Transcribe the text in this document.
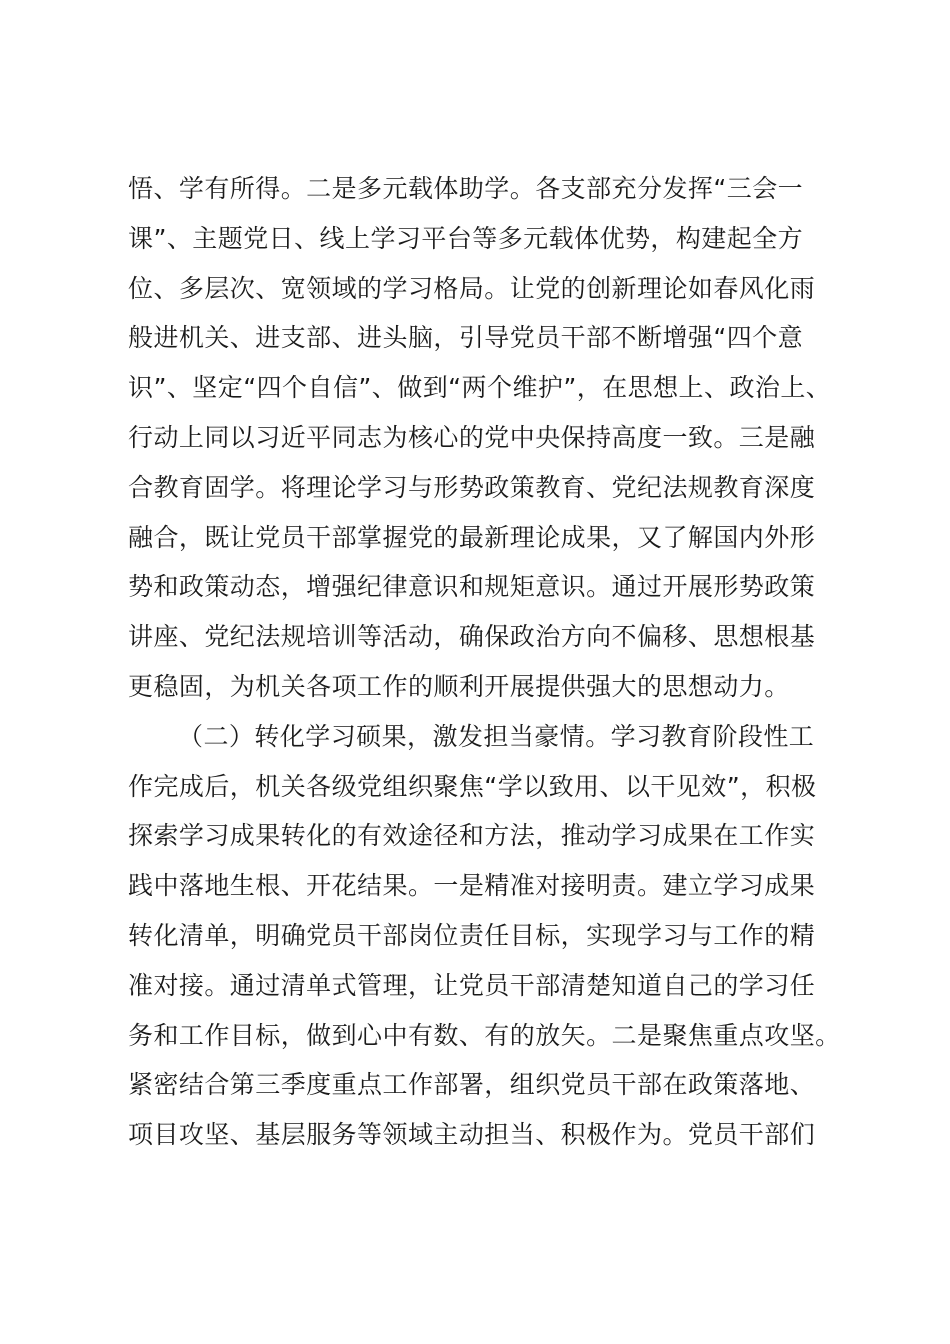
悟、学有所得。二是多元载体助学。各支部充分发挥“三会一
课”、主题党日、线上学习平台等多元载体优势，构建起全方
位、多层次、宽领域的学习格局。让党的创新理论如春风化雨
般进机关、进支部、进头脑，引导党员干部不断增强“四个意
识”、坚定“四个自信”、做到“两个维护”，在思想上、政治上、
行动上同以习近平同志为核心的党中央保持高度一致。三是融
合教育固学。将理论学习与形势政策教育、党纪法规教育深度
融合，既让党员干部掌握党的最新理论成果，又了解国内外形
势和政策动态，增强纪律意识和规矩意识。通过开展形势政策
讲座、党纪法规培训等活动，确保政治方向不偏移、思想根基
更稳固，为机关各项工作的顺利开展提供强大的思想动力。
（二）转化学习硕果，激发担当豪情。学习教育阶段性工
作完成后，机关各级党组织聚焦“学以致用、以干见效”，积极
探索学习成果转化的有效途径和方法，推动学习成果在工作实
践中落地生根、开花结果。一是精准对接明责。建立学习成果
转化清单，明确党员干部岗位责任目标，实现学习与工作的精
准对接。通过清单式管理，让党员干部清楚知道自己的学习任
务和工作目标，做到心中有数、有的放矢。二是聚焦重点攻坚。
紧密结合第三季度重点工作部署，组织党员干部在政策落地、
项目攻坚、基层服务等领域主动担当、积极作为。党员干部们
